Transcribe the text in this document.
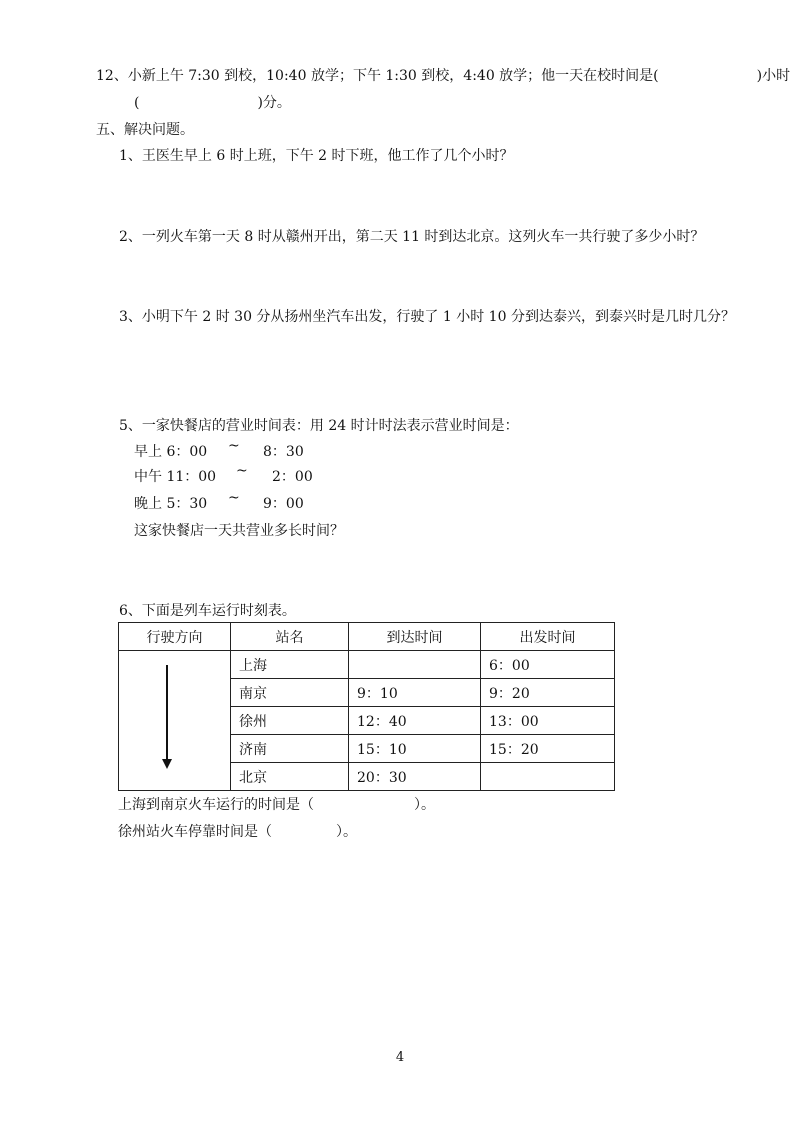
12、小新上午 7:30 到校，10:40 放学；下午 1:30 到校，4:40 放学；他一天在校时间是(	)小时
(	)分。
五、解决问题。
1、王医生早上 6 时上班，下午 2 时下班，他工作了几个小时？
2、一列火车第一天 8 时从赣州开出，第二天 11 时到达北京。这列火车一共行驶了多少小时？
3、小明下午 2 时 30 分从扬州坐汽车出发，行驶了 1 小时 10 分到达泰兴，到泰兴时是几时几分？
5、一家快餐店的营业时间表：用 24 时计时法表示营业时间是：
早上 6：00 ~ 8：30
中午 11：00 ~ 2：00
晚上 5：30 ~ 9：00
这家快餐店一天共营业多长时间？
6、下面是列车运行时刻表。
行驶方向	站名	到达时间	出发时间

	上海		6：00
	南京	9：10	9：20
	徐州	12：40	13：00
	济南	15：10	15：20
	北京	20：30	
上海到南京火车运行的时间是（	）。
徐州站火车停靠时间是（	）。
4
